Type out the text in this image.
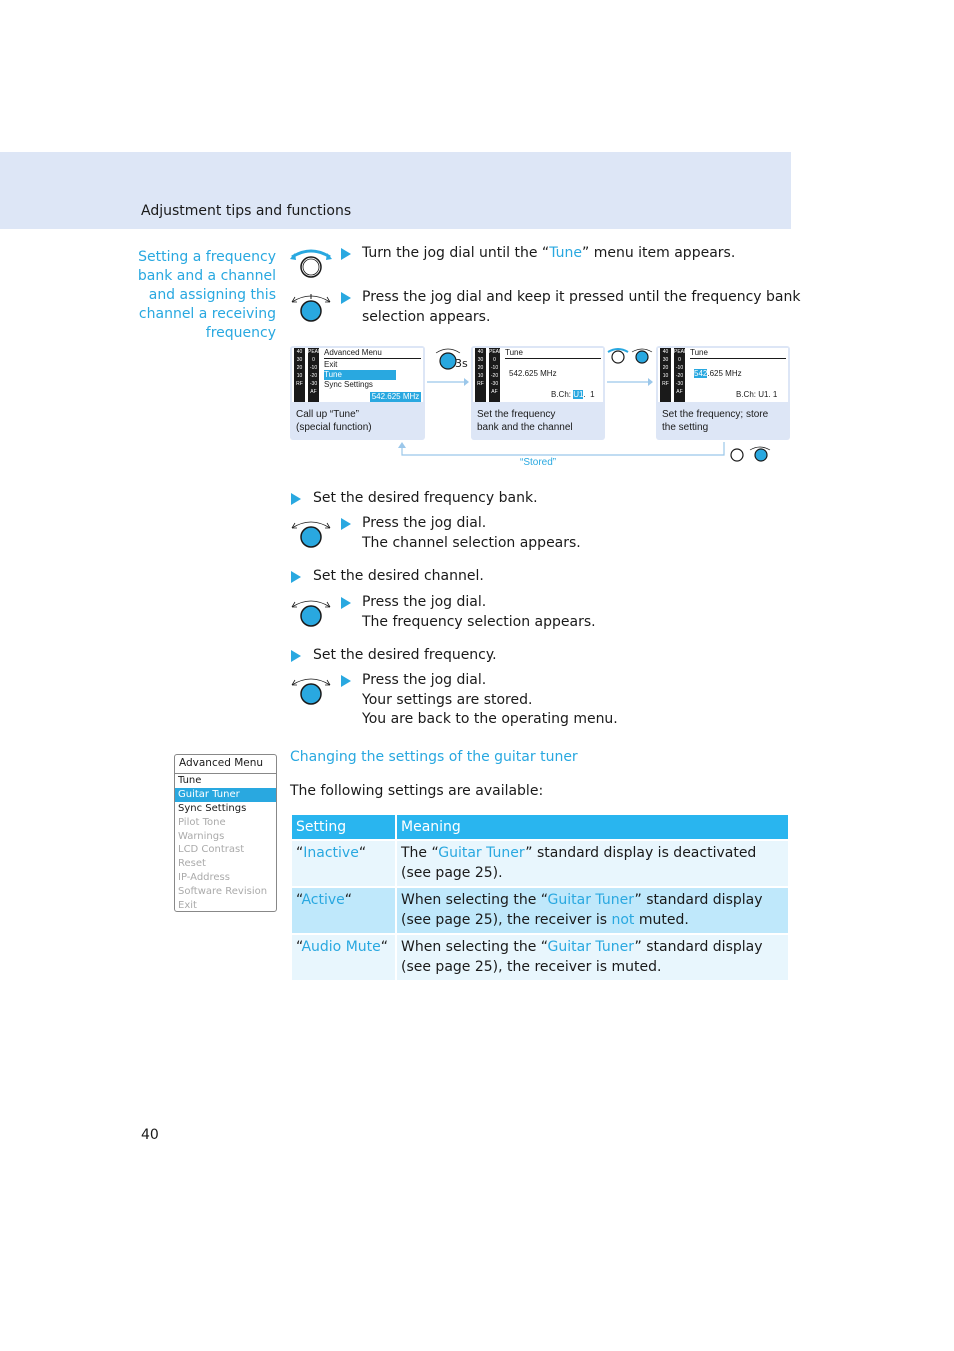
Adjustment tips and functions
Setting a frequency
bank and a channel
and assigning this
channel a receiving
frequency
Turn the jog dial until the “Tune” menu item appears.
Press the jog dial and keep it pressed until the frequency bank
selection appears.
40
30
20
10
RF
PEAK
0
-10
-20
-30
AF
Advanced Menu
Exit
Tune
Sync Settings
542.625 MHz
Call up “Tune”
(special function)
3s
40
30
20
10
RF
PEAK
0
-10
-20
-30
AF
Tune
542.625 MHz
B.Ch: U1.  1
Set the frequency
bank and the channel
40
30
20
10
RF
PEAK
0
-10
-20
-30
AF
Tune
542.625 MHz
B.Ch: U1. 1
Set the frequency; store
the setting
“Stored”
Set the desired frequency bank.
Press the jog dial.
The channel selection appears.
Set the desired channel.
Press the jog dial.
The frequency selection appears.
Set the desired frequency.
Press the jog dial.
Your settings are stored.
You are back to the operating menu.
Advanced Menu
Tune
Guitar Tuner
Sync Settings
Pilot Tone
Warnings
LCD Contrast
Reset
IP-Address
Software Revision
Exit
Changing the settings of the guitar tuner
The following settings are available:
Setting	Meaning
“Inactive“	The “Guitar Tuner” standard display is deactivated
(see page 25).

“Active“	When selecting the “Guitar Tuner” standard display
(see page 25), the receiver is not muted.

“Audio Mute“	When selecting the “Guitar Tuner” standard display
(see page 25), the receiver is muted.
40
